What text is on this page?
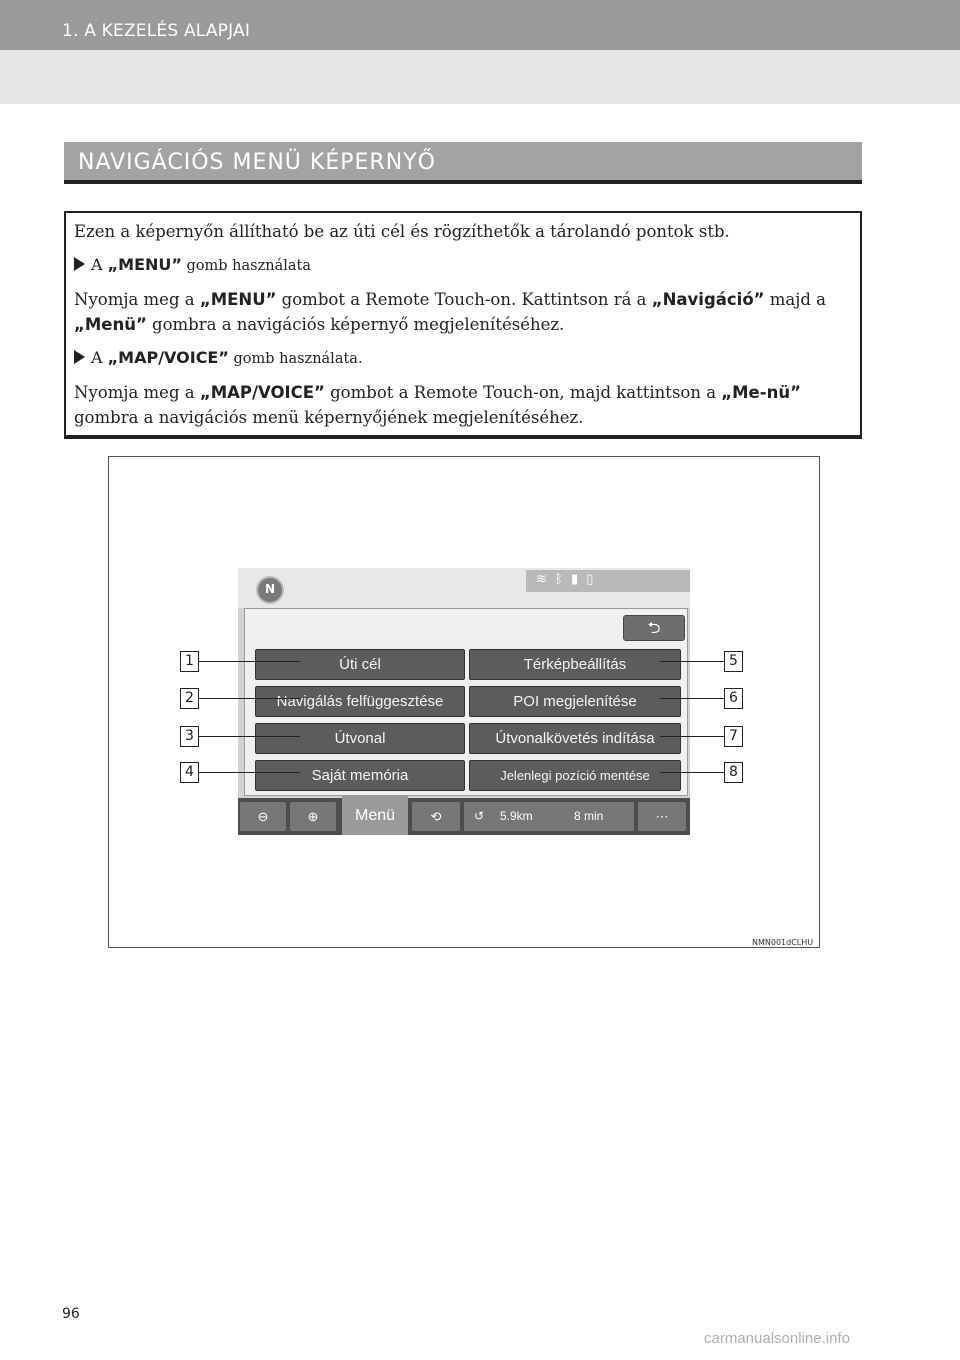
1. A KEZELÉS ALAPJAI
NAVIGÁCIÓS MENÜ KÉPERNYŐ

Ezen a képernyőn állítható be az úti cél és rögzíthetők a tárolandó pontok stb.

A „MENU” gomb használata

Nyomja meg a „MENU” gombot a Remote Touch-on. Kattintson rá a „Navigáció” majd a „Menü” gombra a navigációs képernyő megjelenítéséhez.

A „MAP/VOICE” gomb használata.

Nyomja meg a „MAP/VOICE” gombot a Remote Touch-on, majd kattintson a „Me-nü” gombra a navigációs menü képernyőjének megjelenítéséhez.

NMN001dCLHU
N
≋ ᛒ ▮ ▯
⮌
Úti cél
Navigálás felfüggesztése
Útvonal
Saját memória
Térképbeállítás
POI megjelenítése
Útvonalkövetés indítása
Jelenlegi pozíció mentése
⊖	⊕	Menü	⟲	↺ 5.9km	8 min	⋯
1
2
3
4
5
6
7
8
96
carmanualsonline.info
